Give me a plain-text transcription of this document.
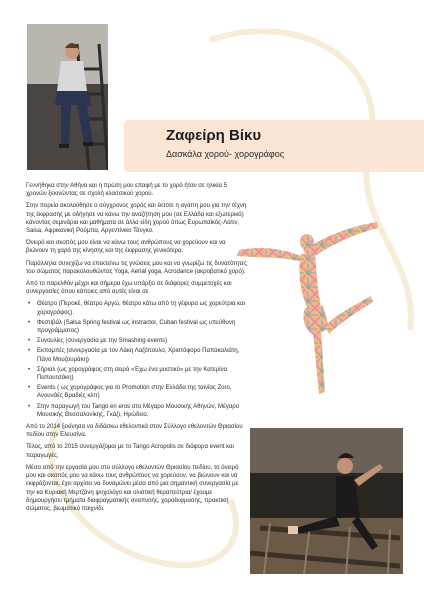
Ζαφείρη Βίκυ
Δασκάλα χορού- χορογράφος

Γεννήθηκα στην Αθήνα και η πρώτη μου επαφή με το χορό ήταν σε ηλικία 5 χρονών ξεκινώντας σε σχολή κλασσικού χορού.

Στην πορεία ακολούθησε ο σύγχρονος χορός και έκτοτε η αγάπη μου για την τέχνη της έκφρασης με οδήγησε να κάνω την αναζήτηση μου (σε Ελλάδα και εξωτερικό) κάνοντας σεμινάρια και μαθήματα σε άλλα είδη χορού όπως Ευρωπαϊκός-Λάτιν, Salsa, Αφρικανική Ρούμπα, Αργεντίνικο Τάνγκο.

Όνειρό και σκοπός μου είναι να κάνω τους ανθρώπους να χορεύουν και να βιώνουν τη χαρά της κίνησης και της έκφρασης γενικότερα.

Παράλληλα συνεχίζω να επεκτείνω τις γνώσεις μου και να γνωρίζω τις δυνατότητες του σώματος παρακολουθώντας Yoga, Aerial yoga, Acrodance (ακροβατικό χορό).

Από το παρελθόν μέχρι και σήμερα έχω υπάρξει σε διάφορες συμμετοχές και συνεργασίες όπου κάποιες από αυτές είναι σε

• Θέατρο (Περοκέ, θέατρο Αργώ, θέατρο κάτω από τη γέφυρα ως χορεύτρια και χορογράφος).
• Φεστιβάλ (Salsa Spring festival ως instractor, Cuban festival ως υπεύθυνη προγράμματος)
• Συνουλίες (συνεργασία με την Smashing events)
• Εκπομπές (συνεργασία με τον Λάκη Λαζόπουλο, Χριστόφορο Παπακαλιάτη, Πάνο Μουζουράκη)
• Σήριαλ (ως χορογράφος στη σειρά «Έχω ένα μυστικό» με την Κατερίνα Παπουτσάκη)
• Events ( ως χορογράφος για το Promotion στην Ελλάδα της ταινίας Zoro, Ανουνάές Βραδιές κλπ)
• Στην παραγωγή του Tango en eros στο Μέγαρο Μουσικής Αθηνών, Μέγαρο Μουσικής Θεσσαλονίκης, Γκάζι, Ηρώδειο.

Από το 2014 ξεκίνησα να διδάσκω εθελοντικά στον Σύλλογο εθελοντών Θριασίου πεδίου στην Ελευσίνα.

Τέλος, από το 2015 συνεργάζομαι με το Tango Acropolis σε διάφορα event και παραγωγές.

Μέσα από την εργασία μου στο σύλλογο εθελοντών Θριασίου πεδίου, το όνειρό μου και σκοπός μου να κάνω τους ανθρώπους να χορεύουν, να βιώνουν και να εκφράζονται, έχει αρχίσει να δυναμώνει μέσα από μια σημαντική συνεργασία με την κα Κυριακή Μερτζάνη ψυχολόγο και ολιστική θεραπεύτρια/ έχουμε δημιουργήσει τμήματα διαφραγματικής αναπνοής, χοροέκφρασης, πρακτική σώματος, βιωματικό παιχνίδι.
